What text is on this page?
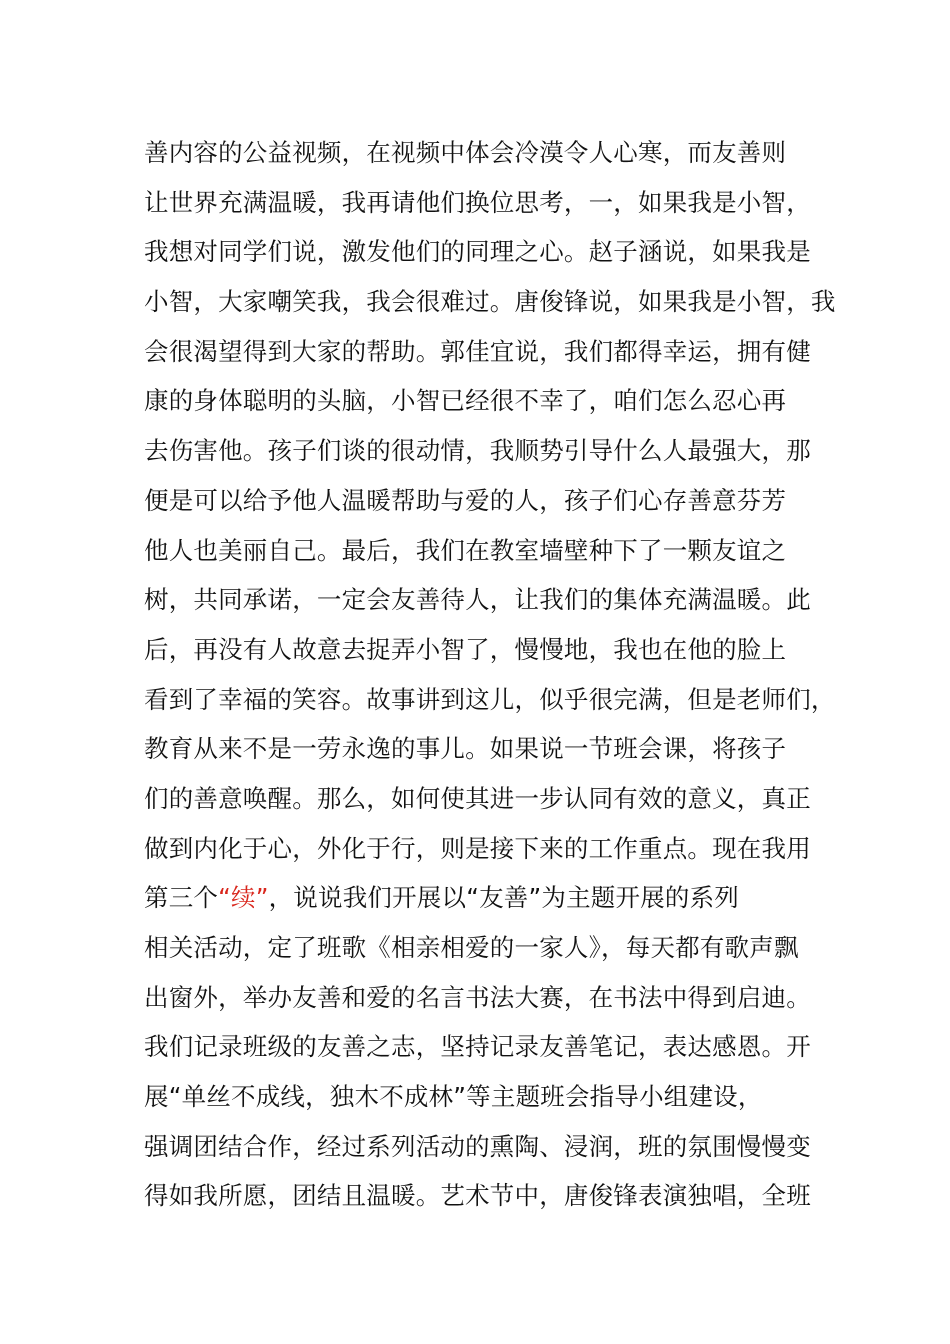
善内容的公益视频，在视频中体会冷漠令人心寒，而友善则
让世界充满温暖，我再请他们换位思考，一，如果我是小智，
我想对同学们说，激发他们的同理之心。赵子涵说，如果我是
小智，大家嘲笑我，我会很难过。唐俊锋说，如果我是小智，我
会很渴望得到大家的帮助。郭佳宜说，我们都得幸运，拥有健
康的身体聪明的头脑，小智已经很不幸了，咱们怎么忍心再
去伤害他。孩子们谈的很动情，我顺势引导什么人最强大，那
便是可以给予他人温暖帮助与爱的人，孩子们心存善意芬芳
他人也美丽自己。最后，我们在教室墙壁种下了一颗友谊之
树，共同承诺，一定会友善待人，让我们的集体充满温暖。此
后，再没有人故意去捉弄小智了，慢慢地，我也在他的脸上
看到了幸福的笑容。故事讲到这儿，似乎很完满，但是老师们，
教育从来不是一劳永逸的事儿。如果说一节班会课，将孩子
们的善意唤醒。那么，如何使其进一步认同有效的意义，真正
做到内化于心，外化于行，则是接下来的工作重点。现在我用
第三个“续”，说说我们开展以“友善”为主题开展的系列
相关活动，定了班歌《相亲相爱的一家人》，每天都有歌声飘
出窗外，举办友善和爱的名言书法大赛，在书法中得到启迪。
我们记录班级的友善之志，坚持记录友善笔记，表达感恩。开
展“单丝不成线，独木不成林”等主题班会指导小组建设，
强调团结合作，经过系列活动的熏陶、浸润，班的氛围慢慢变
得如我所愿，团结且温暖。艺术节中，唐俊锋表演独唱，全班
